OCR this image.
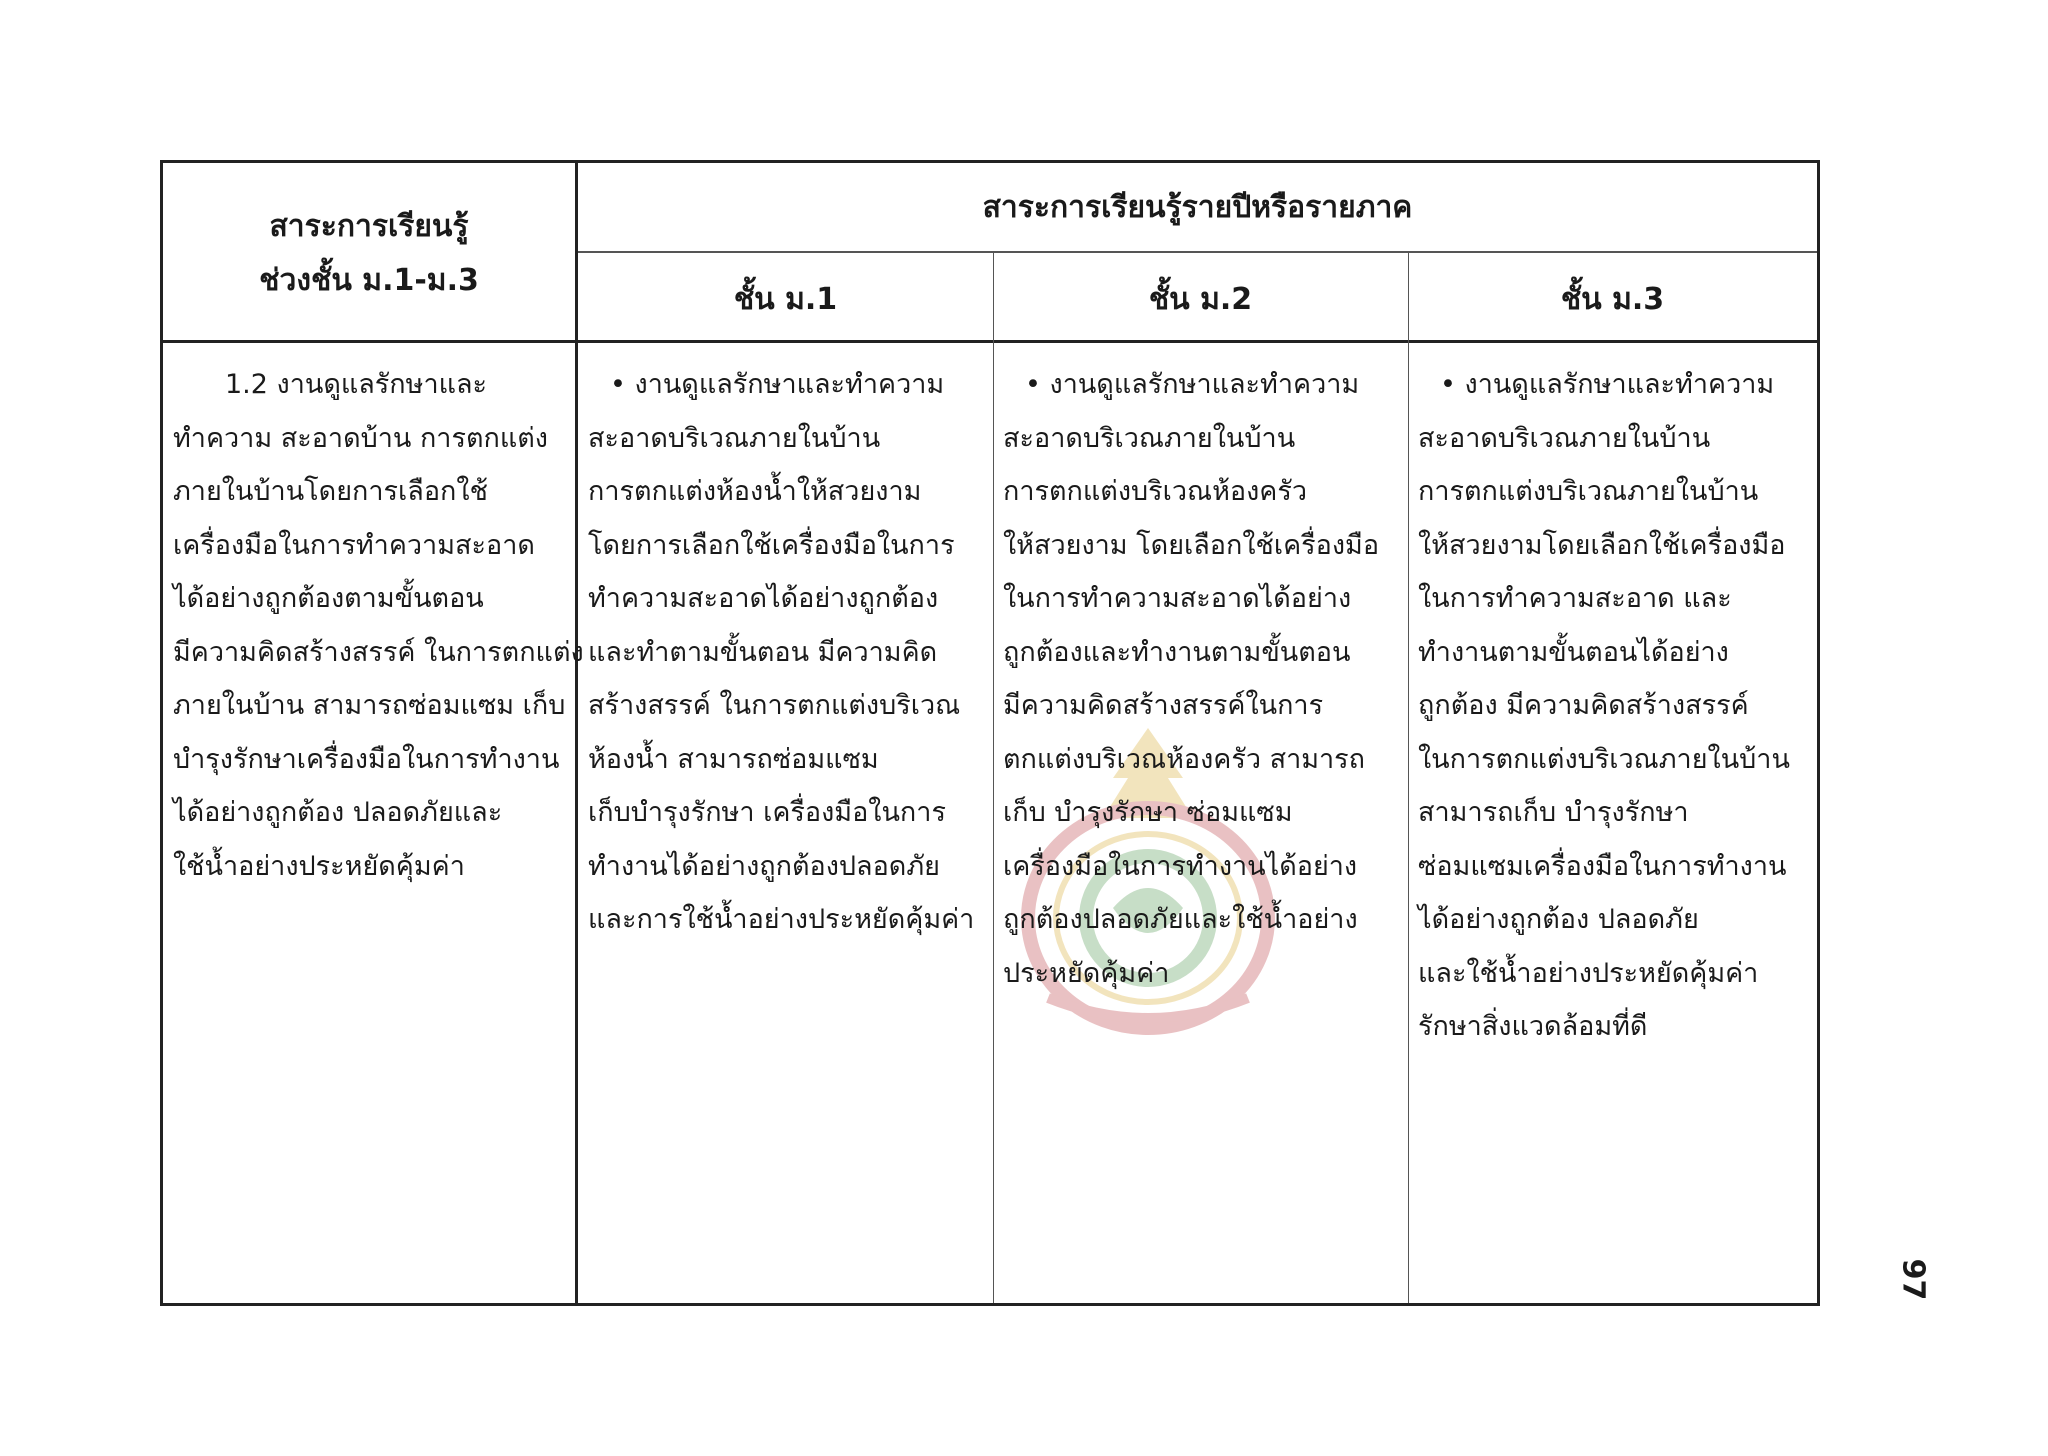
สาระการเรียนรู้
ช่วงชั้น ม.1-ม.3
สาระการเรียนรู้รายปีหรือรายภาค
ชั้น ม.1	ชั้น ม.2	ชั้น ม.3
1.2 งานดูแลรักษาและ
ทำความ สะอาดบ้าน การตกแต่ง
ภายในบ้านโดยการเลือกใช้
เครื่องมือในการทำความสะอาด
ได้อย่างถูกต้องตามขั้นตอน
มีความคิดสร้างสรรค์ ในการตกแต่ง
ภายในบ้าน สามารถซ่อมแซม เก็บ
บำรุงรักษาเครื่องมือในการทำงาน
ได้อย่างถูกต้อง ปลอดภัยและ
ใช้น้ำอย่างประหยัดคุ้มค่า
• งานดูแลรักษาและทำความ
สะอาดบริเวณภายในบ้าน
การตกแต่งห้องน้ำให้สวยงาม
โดยการเลือกใช้เครื่องมือในการ
ทำความสะอาดได้อย่างถูกต้อง
และทำตามขั้นตอน มีความคิด
สร้างสรรค์ ในการตกแต่งบริเวณ
ห้องน้ำ สามารถซ่อมแซม
เก็บบำรุงรักษา เครื่องมือในการ
ทำงานได้อย่างถูกต้องปลอดภัย
และการใช้น้ำอย่างประหยัดคุ้มค่า
• งานดูแลรักษาและทำความ
สะอาดบริเวณภายในบ้าน
การตกแต่งบริเวณห้องครัว
ให้สวยงาม โดยเลือกใช้เครื่องมือ
ในการทำความสะอาดได้อย่าง
ถูกต้องและทำงานตามขั้นตอน
มีความคิดสร้างสรรค์ในการ
ตกแต่งบริเวณห้องครัว สามารถ
เก็บ บำรุงรักษา ซ่อมแซม
เครื่องมือในการทำงานได้อย่าง
ถูกต้องปลอดภัยและใช้น้ำอย่าง
ประหยัดคุ้มค่า
• งานดูแลรักษาและทำความ
สะอาดบริเวณภายในบ้าน
การตกแต่งบริเวณภายในบ้าน
ให้สวยงามโดยเลือกใช้เครื่องมือ
ในการทำความสะอาด และ
ทำงานตามขั้นตอนได้อย่าง
ถูกต้อง มีความคิดสร้างสรรค์
ในการตกแต่งบริเวณภายในบ้าน
สามารถเก็บ บำรุงรักษา
ซ่อมแซมเครื่องมือในการทำงาน
ได้อย่างถูกต้อง ปลอดภัย
และใช้น้ำอย่างประหยัดคุ้มค่า
รักษาสิ่งแวดล้อมที่ดี
97
